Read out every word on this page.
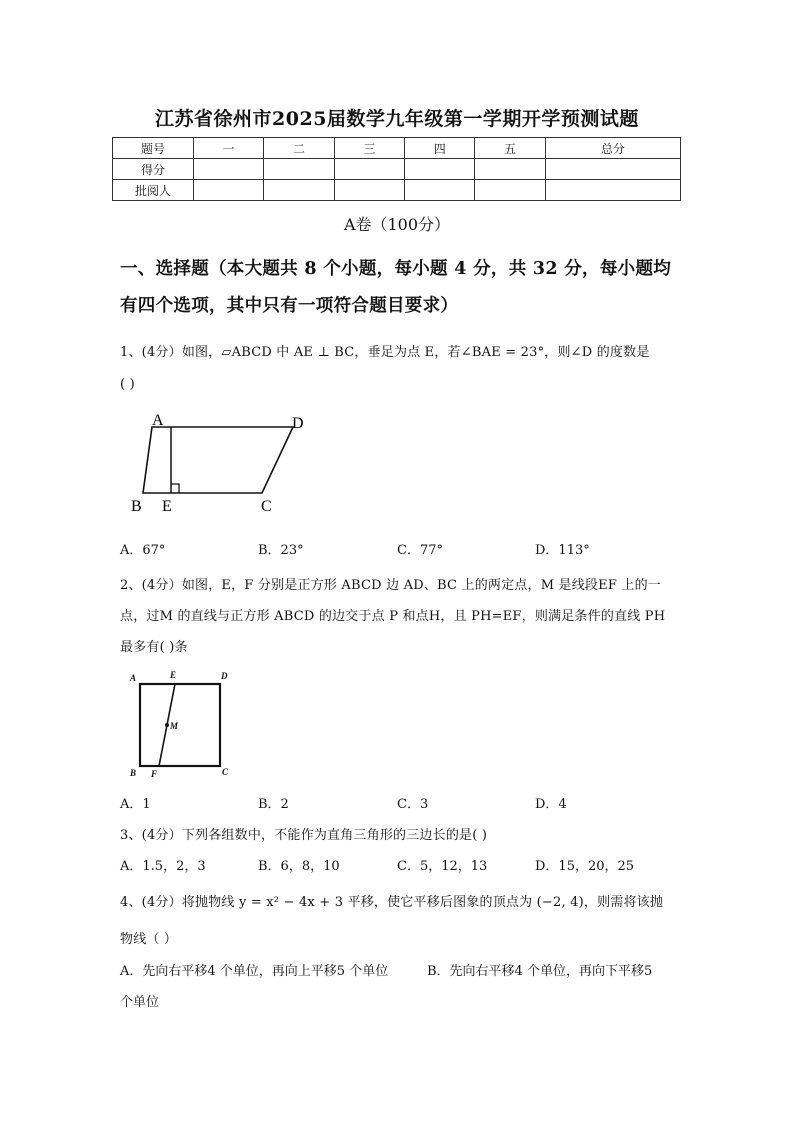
江苏省徐州市2025届数学九年级第一学期开学预测试题
题号	一	二	三	四	五	总分
得分						
批阅人						
A卷（100分）
一、选择题（本大题共 8 个小题，每小题 4 分，共 32 分，每小题均
有四个选项，其中只有一项符合题目要求）
1、(4分）如图，▱ABCD 中 AE ⊥ BC，垂足为点 E，若∠BAE = 23°，则∠D 的度数是
( )
A	D
B E	C
A．67°	B．23°	C．77°	D．113°
2、(4分）如图，E，F 分别是正方形 ABCD 边 AD、BC 上的两定点，M 是线段EF 上的一
点，过M 的直线与正方形 ABCD 的边交于点 P 和点H，且 PH=EF，则满足条件的直线 PH
最多有( )条
A	E	D
M
B F	C
A．1	B．2	C．3	D．4
3、(4分）下列各组数中，不能作为直角三角形的三边长的是( )
A．1.5，2，3	B．6，8，10	C．5，12，13	D．15，20，25
4、(4分）将抛物线 y = x² − 4x + 3 平移，使它平移后图象的顶点为 (−2, 4)，则需将该抛
物线（ ）
A．先向右平移4 个单位，再向上平移5 个单位	B．先向右平移4 个单位，再向下平移5
个单位
